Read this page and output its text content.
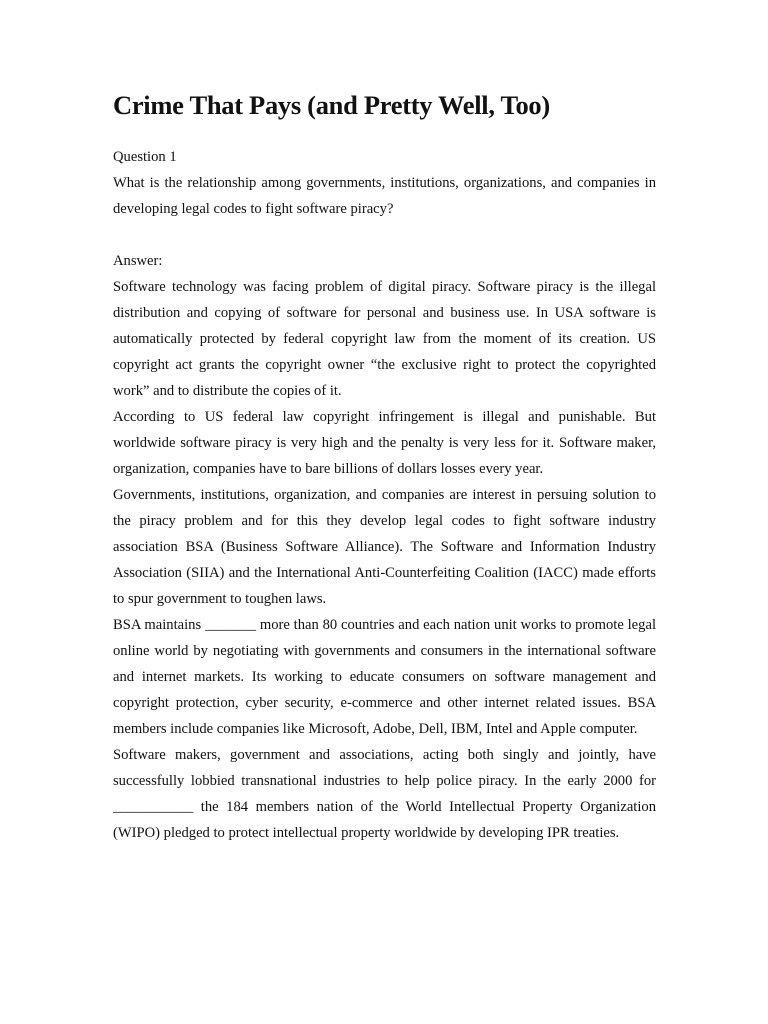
Crime That Pays (and Pretty Well, Too)

Question 1

What is the relationship among governments, institutions, organizations, and companies in developing legal codes to fight software piracy?

Answer:

Software technology was facing problem of digital piracy. Software piracy is the illegal distribution and copying of software for personal and business use. In USA software is automatically protected by federal copyright law from the moment of its creation. US copyright act grants the copyright owner “the exclusive right to protect the copyrighted work” and to distribute the copies of it.

According to US federal law copyright infringement is illegal and punishable. But worldwide software piracy is very high and the penalty is very less for it. Software maker, organization, companies have to bare billions of dollars losses every year.

Governments, institutions, organization, and companies are interest in persuing solution to the piracy problem and for this they develop legal codes to fight software industry association BSA (Business Software Alliance). The Software and Information Industry Association (SIIA) and the International Anti-Counterfeiting Coalition (IACC) made efforts to spur government to toughen laws.

BSA maintains _______ more than 80 countries and each nation unit works to promote legal online world by negotiating with governments and consumers in the international software and internet markets. Its working to educate consumers on software management and copyright protection, cyber security, e-commerce and other internet related issues. BSA members include companies like Microsoft, Adobe, Dell, IBM, Intel and Apple computer.

Software makers, government and associations, acting both singly and jointly, have successfully lobbied transnational industries to help police piracy. In the early 2000 for ___________ the 184 members nation of the World Intellectual Property Organization (WIPO) pledged to protect intellectual property worldwide by developing IPR treaties.
